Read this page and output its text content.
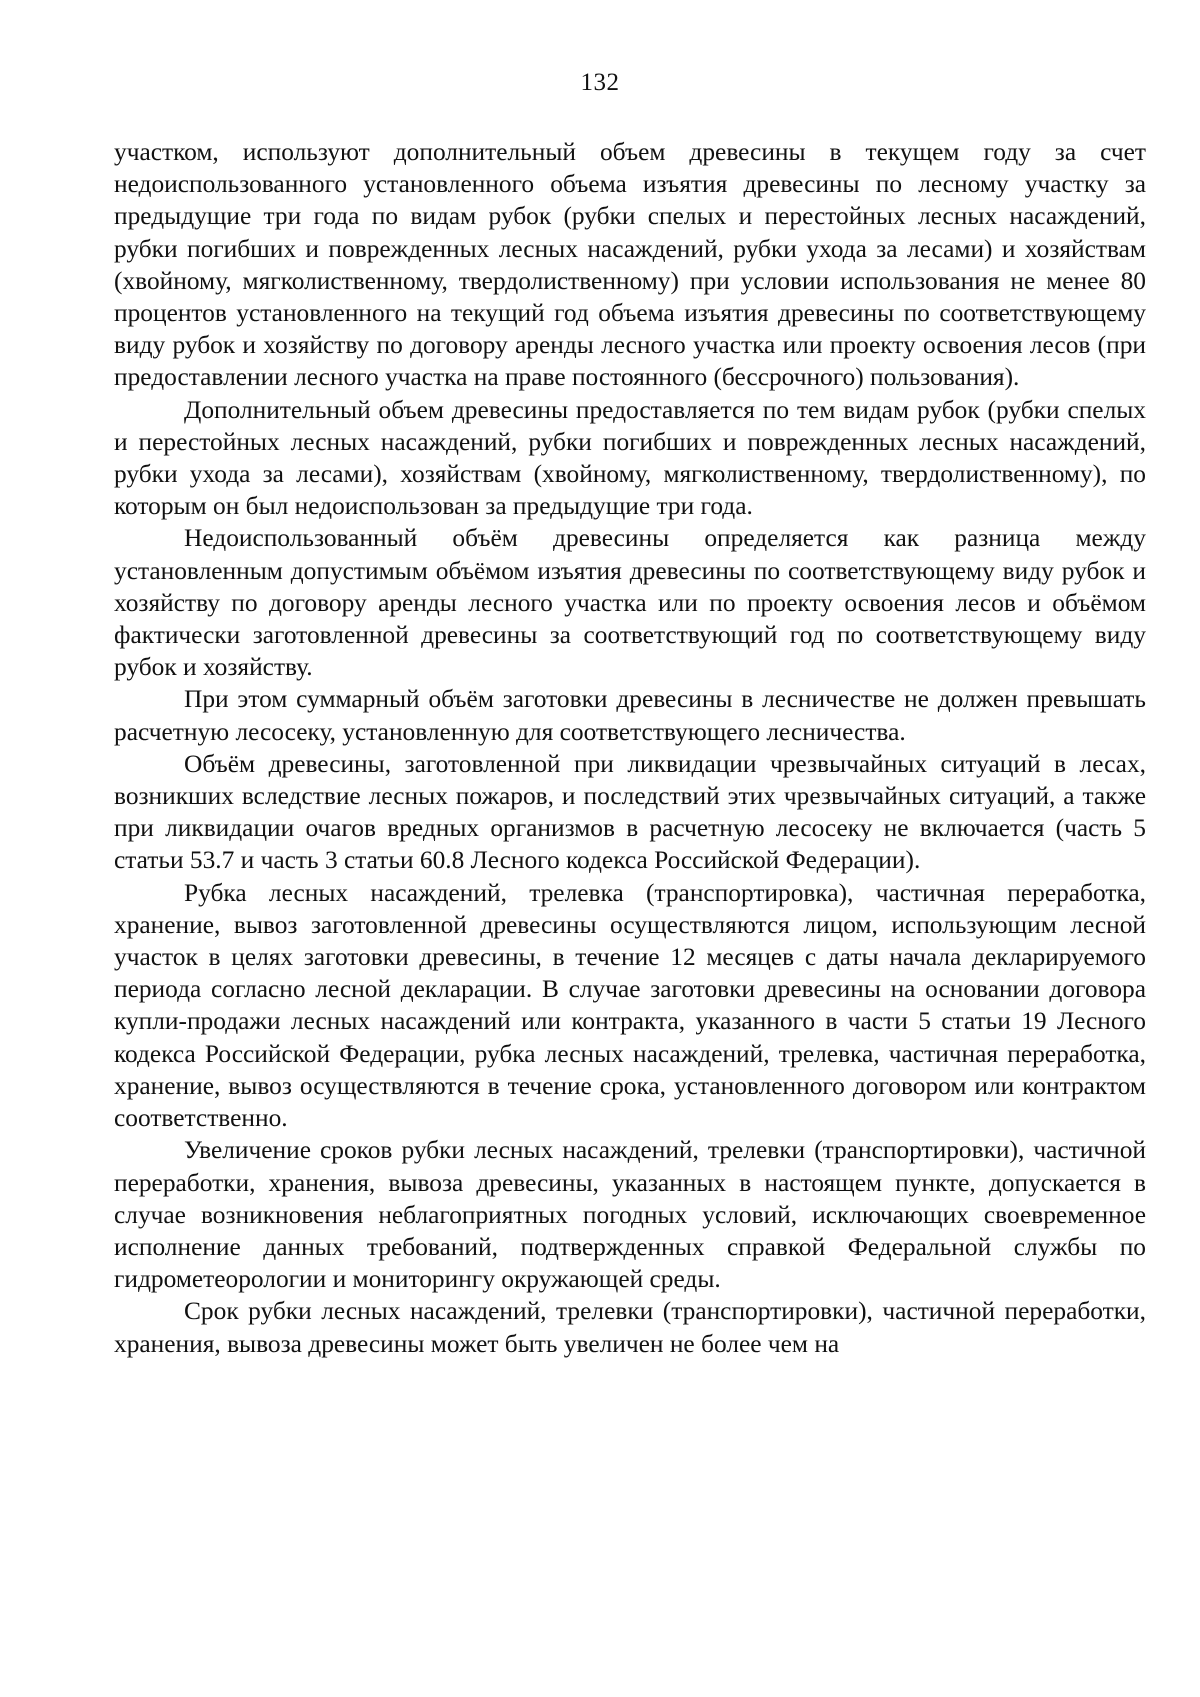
132

участком, используют дополнительный объем древесины в текущем году за счет недоиспользованного установленного объема изъятия древесины по лесному участку за предыдущие три года по видам рубок (рубки спелых и перестойных лесных насаждений, рубки погибших и поврежденных лесных насаждений, рубки ухода за лесами) и хозяйствам (хвойному, мягколиственному, твердолиственному) при условии использования не менее 80 процентов установленного на текущий год объема изъятия древесины по соответствующему виду рубок и хозяйству по договору аренды лесного участка или проекту освоения лесов (при предоставлении лесного участка на праве постоянного (бессрочного) пользования).

Дополнительный объем древесины предоставляется по тем видам рубок (рубки спелых и перестойных лесных насаждений, рубки погибших и поврежденных лесных насаждений, рубки ухода за лесами), хозяйствам (хвойному, мягколиственному, твердолиственному), по которым он был недоиспользован за предыдущие три года.

Недоиспользованный объём древесины определяется как разница между установленным допустимым объёмом изъятия древесины по соответствующему виду рубок и хозяйству по договору аренды лесного участка или по проекту освоения лесов и объёмом фактически заготовленной древесины за соответствующий год по соответствующему виду рубок и хозяйству.

При этом суммарный объём заготовки древесины в лесничестве не должен превышать расчетную лесосеку, установленную для соответствующего лесничества.

Объём древесины, заготовленной при ликвидации чрезвычайных ситуаций в лесах, возникших вследствие лесных пожаров, и последствий этих чрезвычайных ситуаций, а также при ликвидации очагов вредных организмов в расчетную лесосеку не включается (часть 5 статьи 53.7 и часть 3 статьи 60.8 Лесного кодекса Российской Федерации).

Рубка лесных насаждений, трелевка (транспортировка), частичная переработка, хранение, вывоз заготовленной древесины осуществляются лицом, использующим лесной участок в целях заготовки древесины, в течение 12 месяцев с даты начала декларируемого периода согласно лесной декларации. В случае заготовки древесины на основании договора купли-продажи лесных насаждений или контракта, указанного в части 5 статьи 19 Лесного кодекса Российской Федерации, рубка лесных насаждений, трелевка, частичная переработка, хранение, вывоз осуществляются в течение срока, установленного договором или контрактом соответственно.

Увеличение сроков рубки лесных насаждений, трелевки (транспортировки), частичной переработки, хранения, вывоза древесины, указанных в настоящем пункте, допускается в случае возникновения неблагоприятных погодных условий, исключающих своевременное исполнение данных требований, подтвержденных справкой Федеральной службы по гидрометеорологии и мониторингу окружающей среды.

Срок рубки лесных насаждений, трелевки (транспортировки), частичной переработки, хранения, вывоза древесины может быть увеличен не более чем на
